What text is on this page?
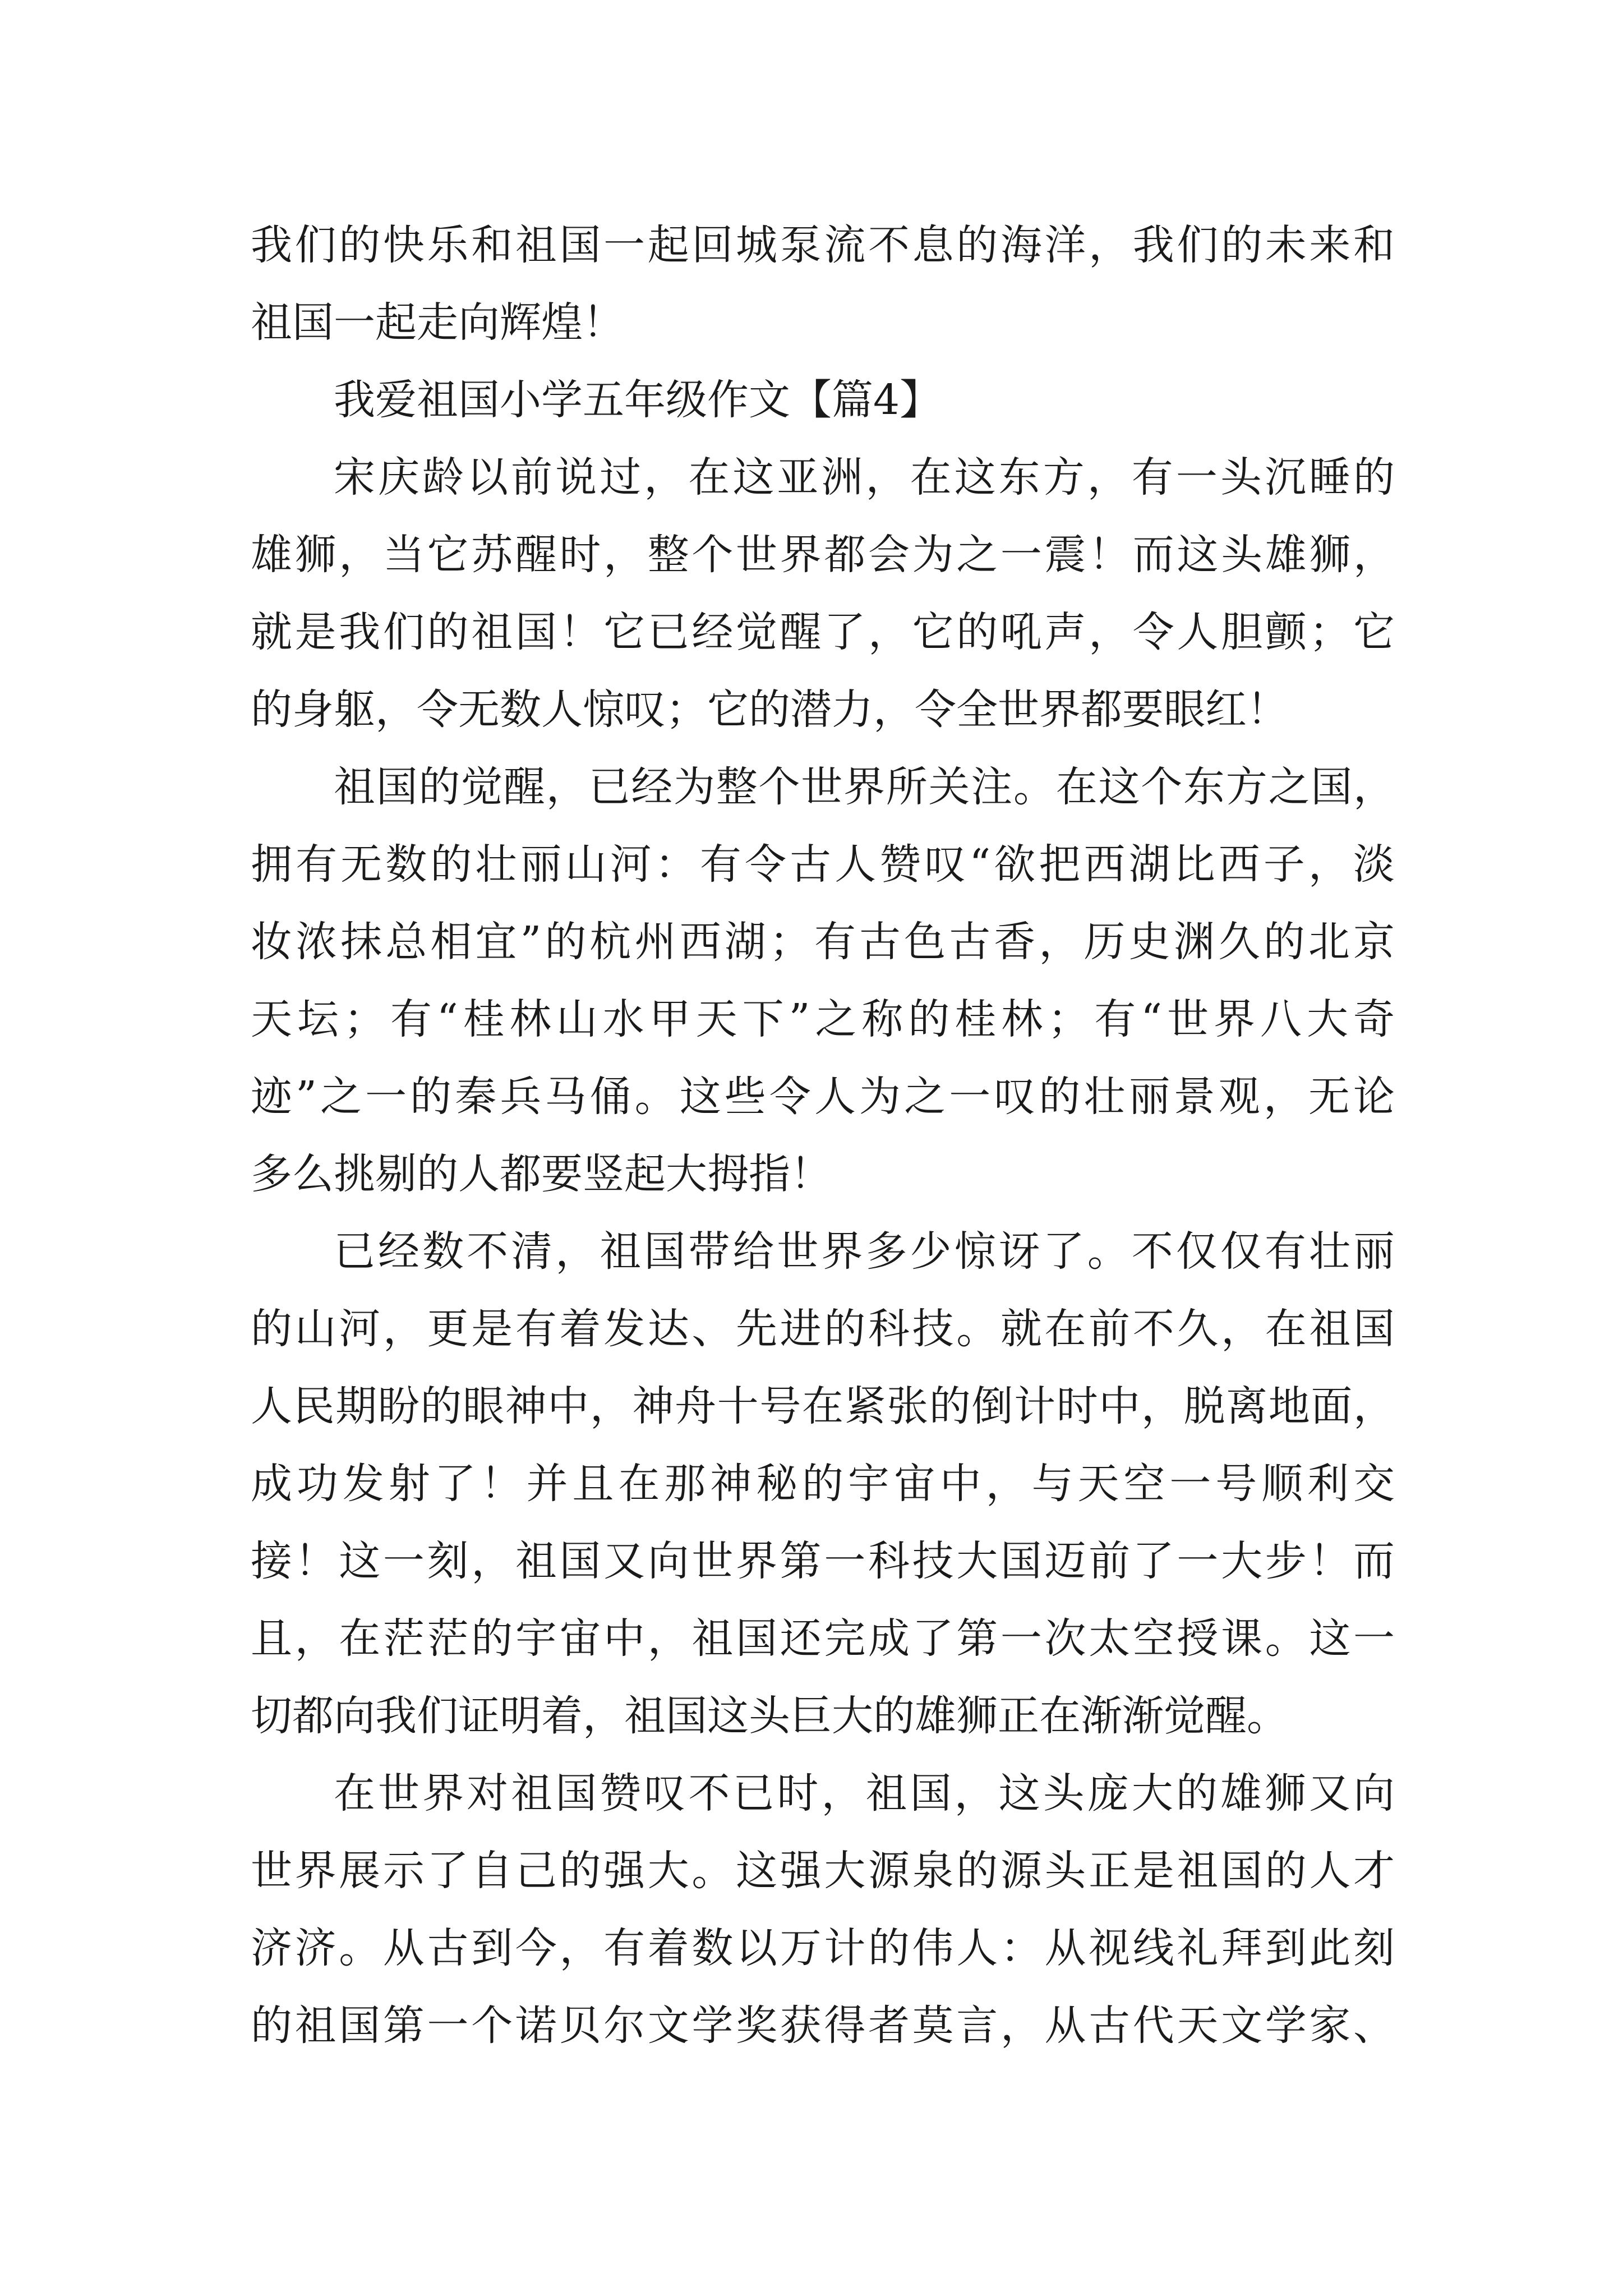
我们的快乐和祖国一起回城泵流不息的海洋，我们的未来和
祖国一起走向辉煌！
我爱祖国小学五年级作文【篇4】
宋庆龄以前说过，在这亚洲，在这东方，有一头沉睡的
雄狮，当它苏醒时，整个世界都会为之一震！而这头雄狮，
就是我们的祖国！它已经觉醒了，它的吼声，令人胆颤；它
的身躯，令无数人惊叹；它的潜力，令全世界都要眼红！
祖国的觉醒，已经为整个世界所关注。在这个东方之国，
拥有无数的壮丽山河：有令古人赞叹“欲把西湖比西子，淡
妆浓抹总相宜”的杭州西湖；有古色古香，历史渊久的北京
天坛；有“桂林山水甲天下”之称的桂林；有“世界八大奇
迹”之一的秦兵马俑。这些令人为之一叹的壮丽景观，无论
多么挑剔的人都要竖起大拇指！
已经数不清，祖国带给世界多少惊讶了。不仅仅有壮丽
的山河，更是有着发达、先进的科技。就在前不久，在祖国
人民期盼的眼神中，神舟十号在紧张的倒计时中，脱离地面，
成功发射了！并且在那神秘的宇宙中，与天空一号顺利交
接！这一刻，祖国又向世界第一科技大国迈前了一大步！而
且，在茫茫的宇宙中，祖国还完成了第一次太空授课。这一
切都向我们证明着，祖国这头巨大的雄狮正在渐渐觉醒。
在世界对祖国赞叹不已时，祖国，这头庞大的雄狮又向
世界展示了自己的强大。这强大源泉的源头正是祖国的人才
济济。从古到今，有着数以万计的伟人：从视线礼拜到此刻
的祖国第一个诺贝尔文学奖获得者莫言，从古代天文学家、
